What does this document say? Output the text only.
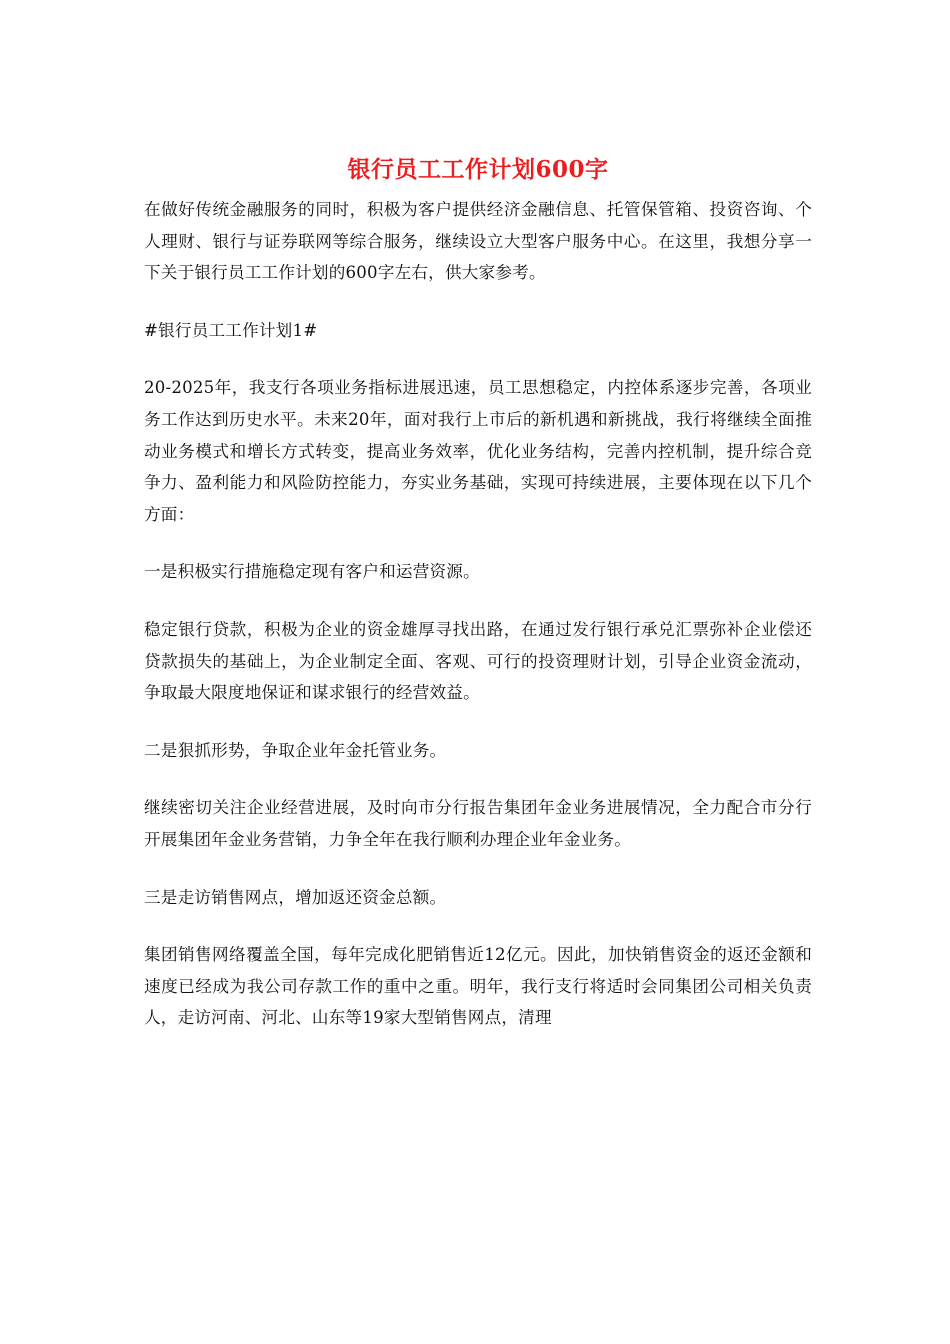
银行员工工作计划600字

在做好传统金融服务的同时，积极为客户提供经济金融信息、托管保管箱、投资咨询、个人理财、银行与证券联网等综合服务，继续设立大型客户服务中心。在这里，我想分享一下关于银行员工工作计划的600字左右，供大家参考。

#银行员工工作计划1#

20-2025年，我支行各项业务指标进展迅速，员工思想稳定，内控体系逐步完善，各项业务工作达到历史水平。未来20年，面对我行上市后的新机遇和新挑战，我行将继续全面推动业务模式和增长方式转变，提高业务效率，优化业务结构，完善内控机制，提升综合竞争力、盈利能力和风险防控能力，夯实业务基础，实现可持续进展，主要体现在以下几个方面：

一是积极实行措施稳定现有客户和运营资源。

稳定银行贷款，积极为企业的资金雄厚寻找出路，在通过发行银行承兑汇票弥补企业偿还贷款损失的基础上，为企业制定全面、客观、可行的投资理财计划，引导企业资金流动，争取最大限度地保证和谋求银行的经营效益。

二是狠抓形势，争取企业年金托管业务。

继续密切关注企业经营进展，及时向市分行报告集团年金业务进展情况，全力配合市分行开展集团年金业务营销，力争全年在我行顺利办理企业年金业务。

三是走访销售网点，增加返还资金总额。

集团销售网络覆盖全国，每年完成化肥销售近12亿元。因此，加快销售资金的返还金额和速度已经成为我公司存款工作的重中之重。明年，我行支行将适时会同集团公司相关负责人，走访河南、河北、山东等19家大型销售网点，清理
